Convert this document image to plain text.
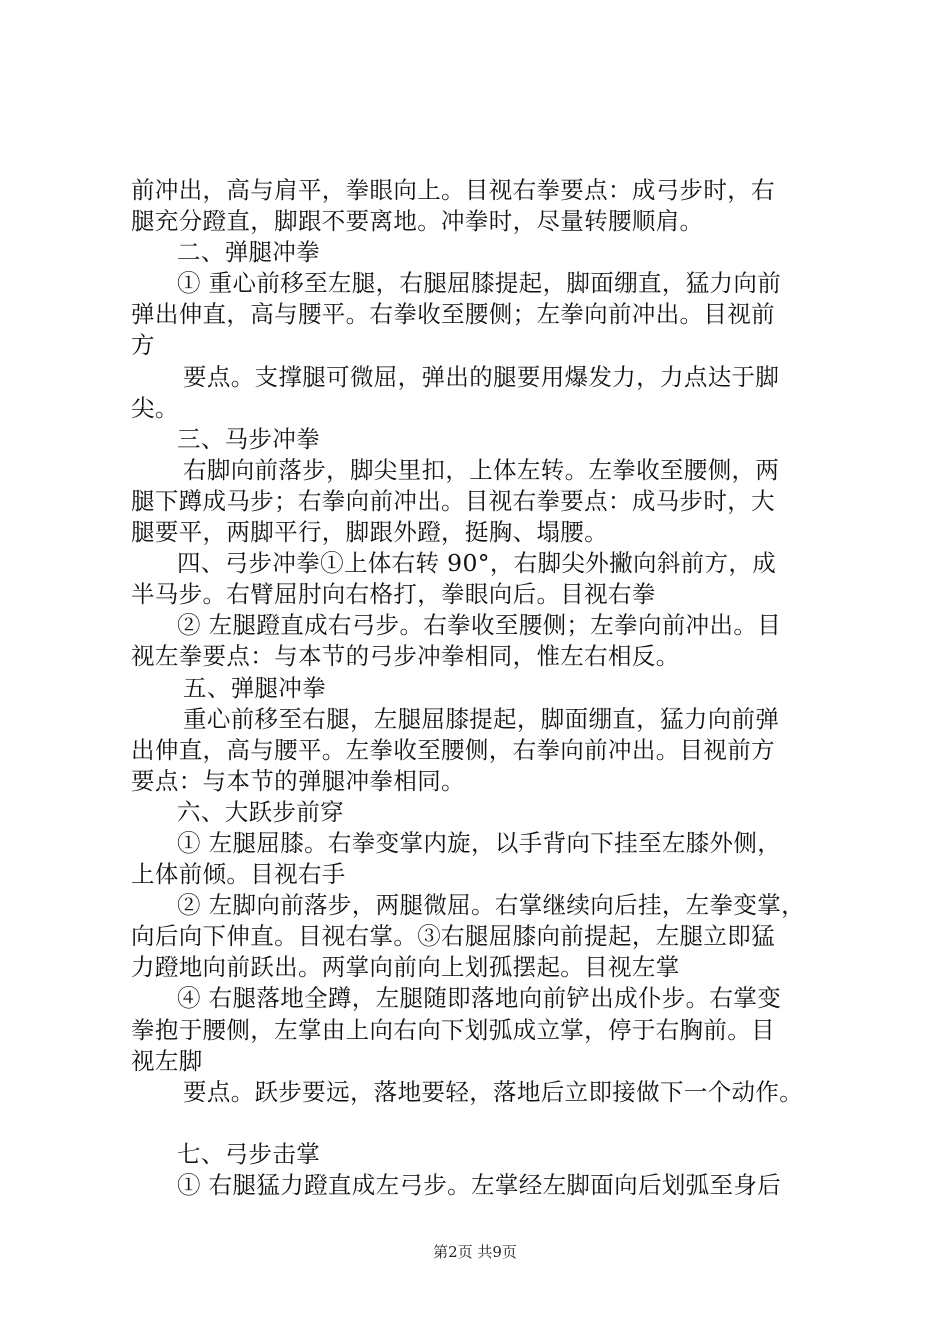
前冲出，高与肩平，拳眼向上。目视右拳要点：成弓步时，右
腿充分蹬直，脚跟不要离地。冲拳时，尽量转腰顺肩。
二、弹腿冲拳
① 重心前移至左腿，右腿屈膝提起，脚面绷直，猛力向前
弹出伸直，高与腰平。右拳收至腰侧；左拳向前冲出。目视前
方
要点。支撑腿可微屈，弹出的腿要用爆发力，力点达于脚
尖。
三、马步冲拳
右脚向前落步，脚尖里扣，上体左转。左拳收至腰侧，两
腿下蹲成马步；右拳向前冲出。目视右拳要点：成马步时，大
腿要平，两脚平行，脚跟外蹬，挺胸、塌腰。
四、弓步冲拳①上体右转 90°，右脚尖外撇向斜前方，成
半马步。右臂屈肘向右格打，拳眼向后。目视右拳
② 左腿蹬直成右弓步。右拳收至腰侧；左拳向前冲出。目
视左拳要点：与本节的弓步冲拳相同，惟左右相反。
五、弹腿冲拳
重心前移至右腿，左腿屈膝提起，脚面绷直，猛力向前弹
出伸直，高与腰平。左拳收至腰侧，右拳向前冲出。目视前方
要点：与本节的弹腿冲拳相同。
六、大跃步前穿
① 左腿屈膝。右拳变掌内旋，以手背向下挂至左膝外侧，
上体前倾。目视右手
② 左脚向前落步，两腿微屈。右掌继续向后挂，左拳变掌，
向后向下伸直。目视右掌。③右腿屈膝向前提起，左腿立即猛
力蹬地向前跃出。两掌向前向上划孤摆起。目视左掌
④ 右腿落地全蹲，左腿随即落地向前铲出成仆步。右掌变
拳抱于腰侧，左掌由上向右向下划弧成立掌，停于右胸前。目
视左脚
要点。跃步要远，落地要轻，落地后立即接做下一个动作。
七、弓步击掌
① 右腿猛力蹬直成左弓步。左掌经左脚面向后划弧至身后
第2页 共9页
